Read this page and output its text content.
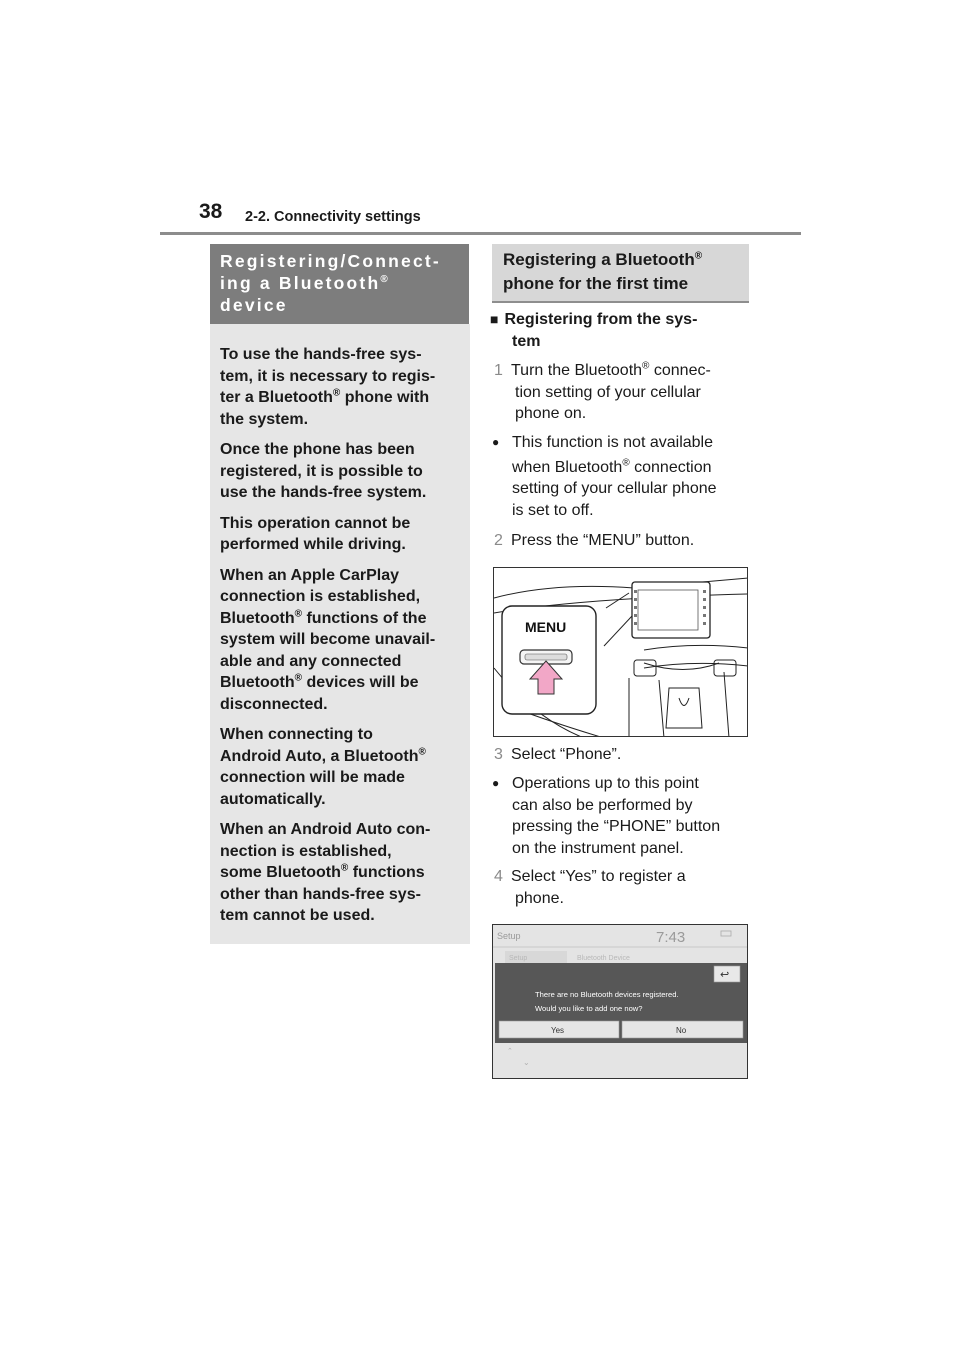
38 2-2. Connectivity settings
Registering/Connect-
ing a Bluetooth®
device

To use the hands-free sys-
tem, it is necessary to regis-
ter a Bluetooth® phone with
the system.

Once the phone has been
registered, it is possible to
use the hands-free system.

This operation cannot be
performed while driving.

When an Apple CarPlay
connection is established,
Bluetooth® functions of the
system will become unavail-
able and any connected
Bluetooth® devices will be
disconnected.

When connecting to
Android Auto, a Bluetooth®
connection will be made
automatically.

When an Android Auto con-
nection is established,
some Bluetooth® functions
other than hands-free sys-
tem cannot be used.

Registering a Bluetooth®
phone for the first time
■ Registering from the sys-
tem
1 Turn the Bluetooth® connec-
tion setting of your cellular
phone on.
● This function is not available
when Bluetooth® connection
setting of your cellular phone
is set to off.
2 Press the “MENU” button.
MENU
3 Select “Phone”.
● Operations up to this point
can also be performed by
pressing the “PHONE” button
on the instrument panel.
4 Select “Yes” to register a
phone.
Setup	7:43
Setup	Bluetooth Device
⌃
⌄
↩
There are no Bluetooth devices registered.
Would you like to add one now?
Yes	No
